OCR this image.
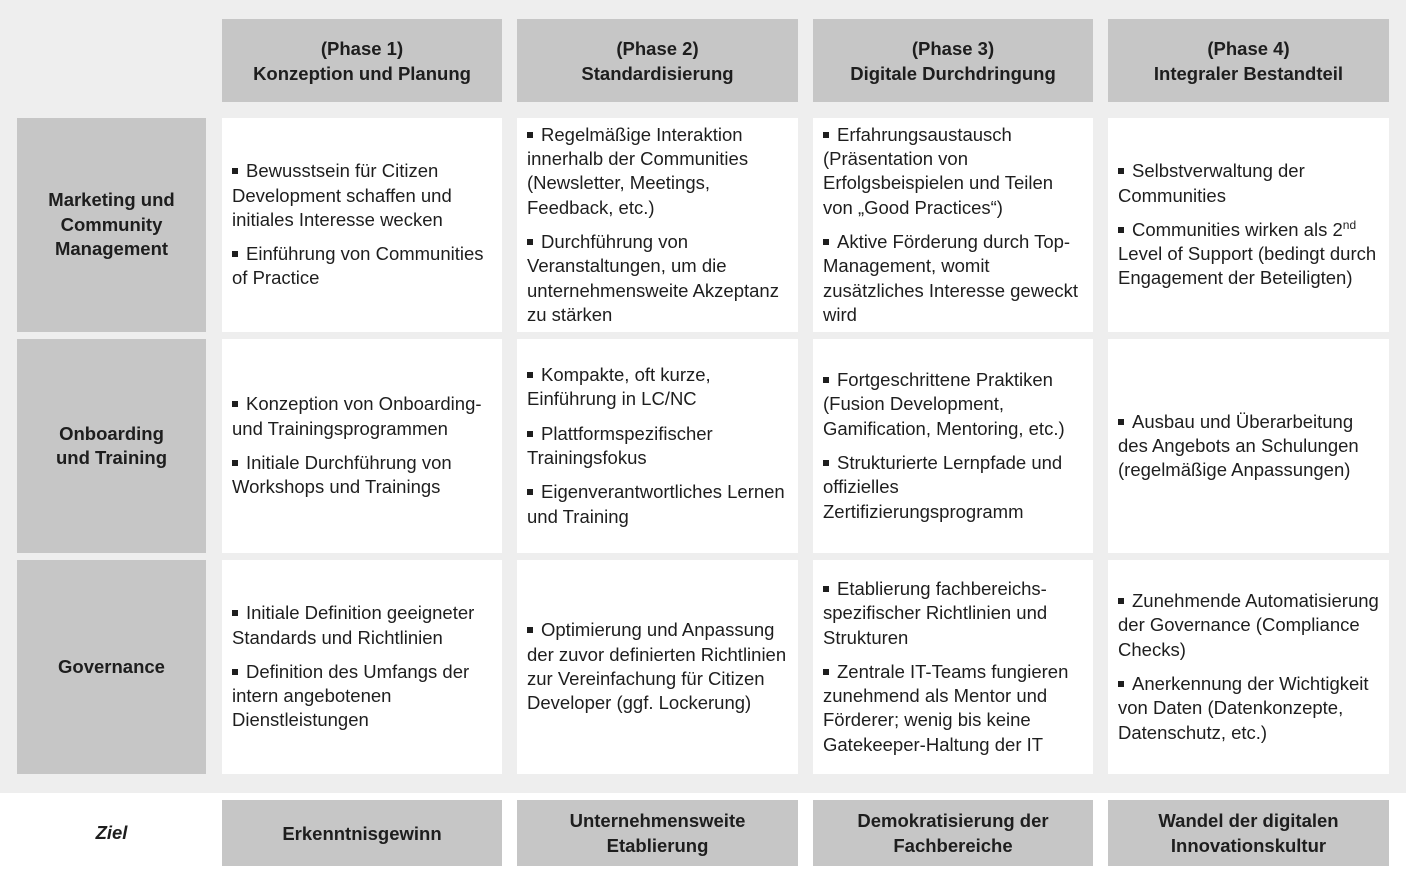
(Phase 1)
Konzeption und Planung
(Phase 2)
Standardisierung
(Phase 3)
Digitale Durchdringung
(Phase 4)
Integraler Bestandteil
Marketing und
Community
Management

Bewusstsein für Citizen Development schaffen und initiales Interesse wecken

Einführung von Communities of Practice

Regelmäßige Interaktion innerhalb der Communities (Newsletter, Meetings, Feedback, etc.)

Durchführung von Veranstaltungen, um die unternehmensweite Akzeptanz zu stärken

Erfahrungsaustausch (Präsentation von Erfolgsbeispielen und Teilen von „Good Practices“)

Aktive Förderung durch Top-Management, womit zusätzliches Interesse geweckt wird

Selbstverwaltung der Communities

Communities wirken als 2nd Level of Support (bedingt durch Engagement der Beteiligten)

Onboarding
und Training

Konzeption von Onboarding- und Trainingsprogrammen

Initiale Durchführung von Workshops und Trainings

Kompakte, oft kurze, Einführung in LC/NC

Plattformspezifischer Trainingsfokus

Eigenverantwortliches Lernen und Training

Fortgeschrittene Praktiken (Fusion Development, Gamification, Mentoring, etc.)

Strukturierte Lernpfade und offizielles Zertifizierungsprogramm

Ausbau und Überarbeitung des Angebots an Schulungen (regelmäßige Anpassungen)

Governance

Initiale Definition geeigneter Standards und Richtlinien

Definition des Umfangs der intern angebotenen Dienstleistungen

Optimierung und Anpassung der zuvor definierten Richtlinien zur Vereinfachung für Citizen Developer (ggf. Lockerung)

Etablierung fachbereichs-spezifischer Richtlinien und Strukturen

Zentrale IT-Teams fungieren zunehmend als Mentor und Förderer; wenig bis keine Gatekeeper-Haltung der IT

Zunehmende Automatisierung der Governance (Compliance Checks)

Anerkennung der Wichtigkeit von Daten (Datenkonzepte, Datenschutz, etc.)

Ziel	Erkenntnisgewinn
Unternehmensweite
Etablierung
Demokratisierung der
Fachbereiche
Wandel der digitalen
Innovationskultur
